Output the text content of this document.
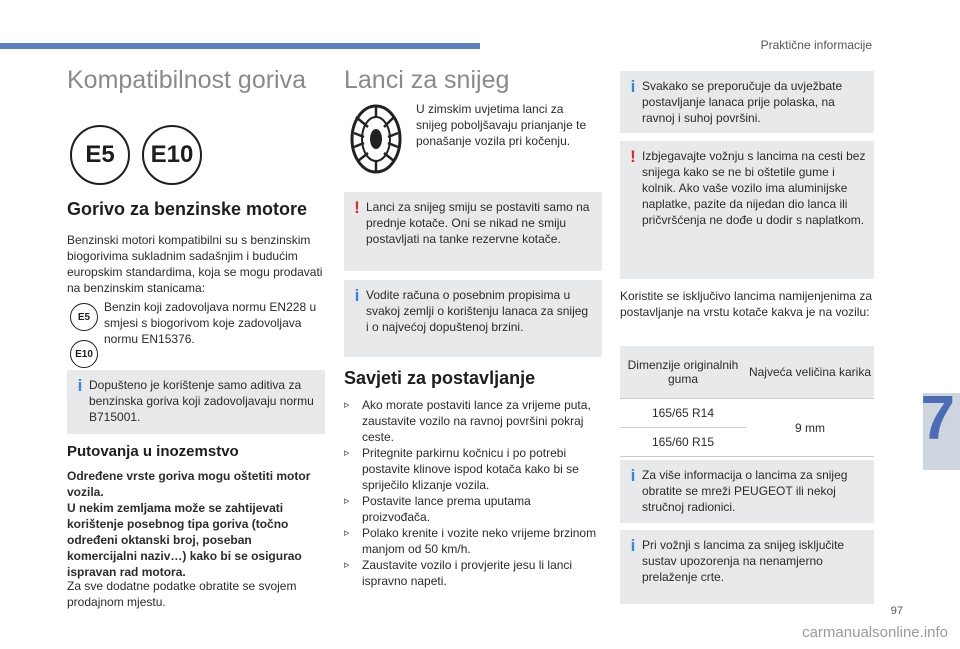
Praktične informacije
7
Kompatibilnost goriva
E5	E10
Gorivo za benzinske motore
Benzinski motori kompatibilni su s benzinskim biogorivima sukladnim sadašnjim i budućim europskim standardima, koja se mogu prodavati na benzinskim stanicama:
E5
E10
Benzin koji zadovoljava normu EN228 u smjesi s biogorivom koje zadovoljava normu EN15376.
i Dopušteno je korištenje samo aditiva za benzinska goriva koji zadovoljavaju normu B715001.
Putovanja u inozemstvo
Određene vrste goriva mogu oštetiti motor vozila.
U nekim zemljama može se zahtijevati korištenje posebnog tipa goriva (točno određeni oktanski broj, poseban komercijalni naziv…) kako bi se osigurao ispravan rad motora.
Za sve dodatne podatke obratite se svojem prodajnom mjestu.
Lanci za snijeg
U zimskim uvjetima lanci za snijeg poboljšavaju prianjanje te ponašanje vozila pri kočenju.
! Lanci za snijeg smiju se postaviti samo na prednje kotače. Oni se nikad ne smiju postavljati na tanke rezervne kotače.
i Vodite računa o posebnim propisima u svakoj zemlji o korištenju lanaca za snijeg i o najvećoj dopuštenoj brzini.
Savjeti za postavljanje
▹ Ako morate postaviti lance za vrijeme puta, zaustavite vozilo na ravnoj površini pokraj ceste.
▹ Pritegnite parkirnu kočnicu i po potrebi postavite klinove ispod kotača kako bi se spriječilo klizanje vozila.
▹ Postavite lance prema uputama proizvođača.
▹ Polako krenite i vozite neko vrijeme brzinom manjom od 50 km/h.
▹ Zaustavite vozilo i provjerite jesu li lanci ispravno napeti.
i Svakako se preporučuje da uvježbate postavljanje lanaca prije polaska, na ravnoj i suhoj površini.
! Izbjegavajte vožnju s lancima na cesti bez snijega kako se ne bi oštetile gume i kolnik. Ako vaše vozilo ima aluminijske naplatke, pazite da nijedan dio lanca ili pričvršćenja ne dođe u dodir s naplatkom.
Koristite se isključivo lancima namijenjenima za postavljanje na vrstu kotače kakva je na vozilu:
Dimenzije originalnih guma	Najveća veličina karika
165/65 R14	9 mm
165/60 R15	
i Za više informacija o lancima za snijeg obratite se mreži PEUGEOT ili nekoj stručnoj radionici.
i Pri vožnji s lancima za snijeg isključite sustav upozorenja na nenamjerno prelaženje crte.
97
carmanualsonline.info
